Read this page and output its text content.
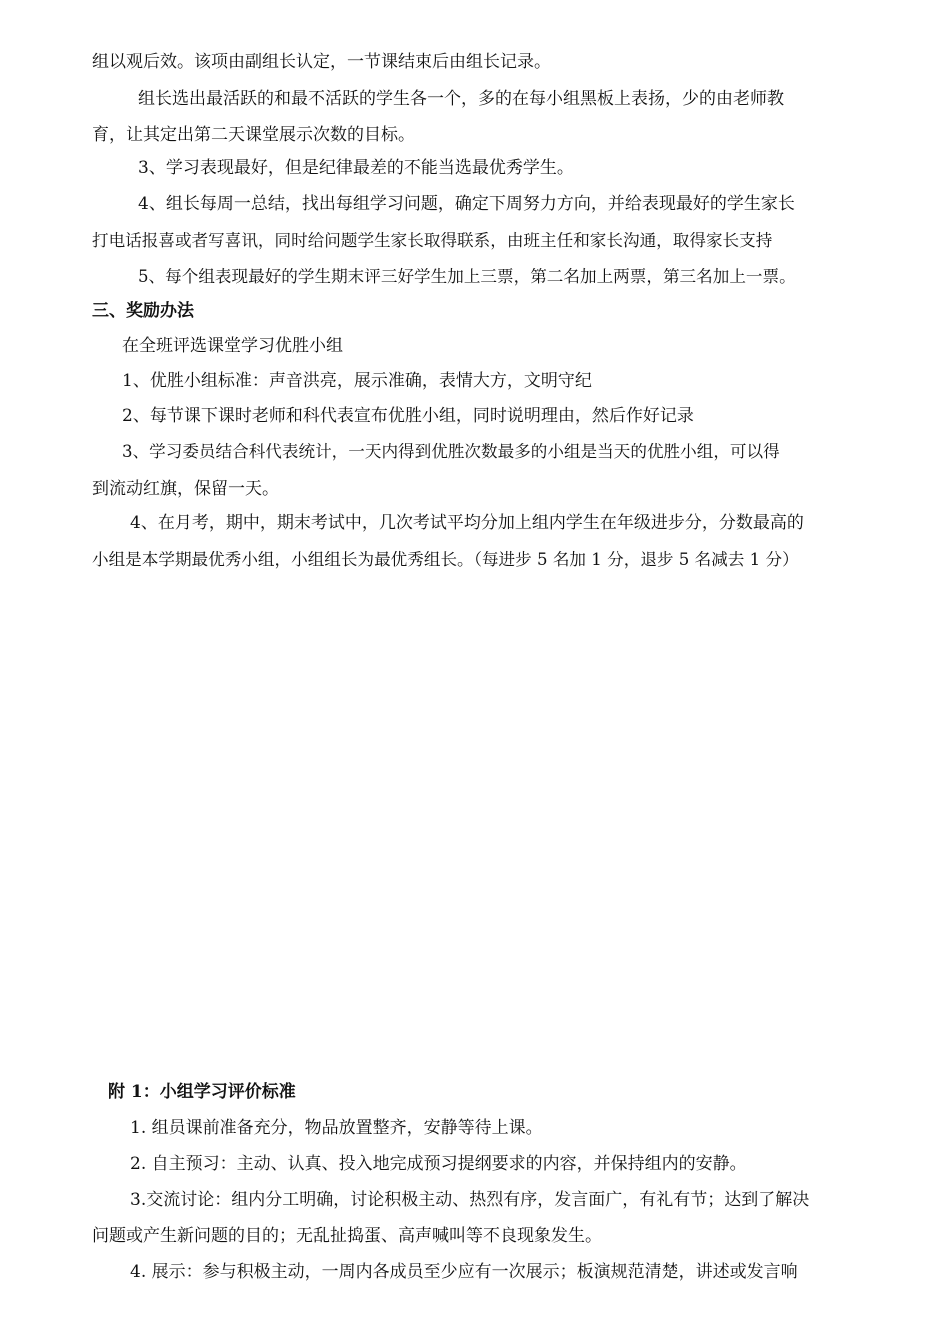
组以观后效。该项由副组长认定，一节课结束后由组长记录。
组长选出最活跃的和最不活跃的学生各一个，多的在每小组黑板上表扬，少的由老师教
育，让其定出第二天课堂展示次数的目标。
3、学习表现最好，但是纪律最差的不能当选最优秀学生。
4、组长每周一总结，找出每组学习问题，确定下周努力方向，并给表现最好的学生家长
打电话报喜或者写喜讯，同时给问题学生家长取得联系，由班主任和家长沟通，取得家长支持
5、每个组表现最好的学生期末评三好学生加上三票，第二名加上两票，第三名加上一票。
三、奖励办法
在全班评选课堂学习优胜小组
1、优胜小组标准：声音洪亮，展示准确，表情大方，文明守纪
2、每节课下课时老师和科代表宣布优胜小组，同时说明理由，然后作好记录
3、学习委员结合科代表统计，一天内得到优胜次数最多的小组是当天的优胜小组，可以得
到流动红旗，保留一天。
4、在月考，期中，期末考试中，几次考试平均分加上组内学生在年级进步分，分数最高的
小组是本学期最优秀小组，小组组长为最优秀组长。（每进步 5 名加 1 分，退步 5 名减去 1 分）
附 1：小组学习评价标准
1. 组员课前准备充分，物品放置整齐，安静等待上课。
2. 自主预习：主动、认真、投入地完成预习提纲要求的内容，并保持组内的安静。
3.交流讨论：组内分工明确，讨论积极主动、热烈有序，发言面广，有礼有节；达到了解决
问题或产生新问题的目的；无乱扯捣蛋、高声喊叫等不良现象发生。
4. 展示：参与积极主动，一周内各成员至少应有一次展示；板演规范清楚，讲述或发言响
